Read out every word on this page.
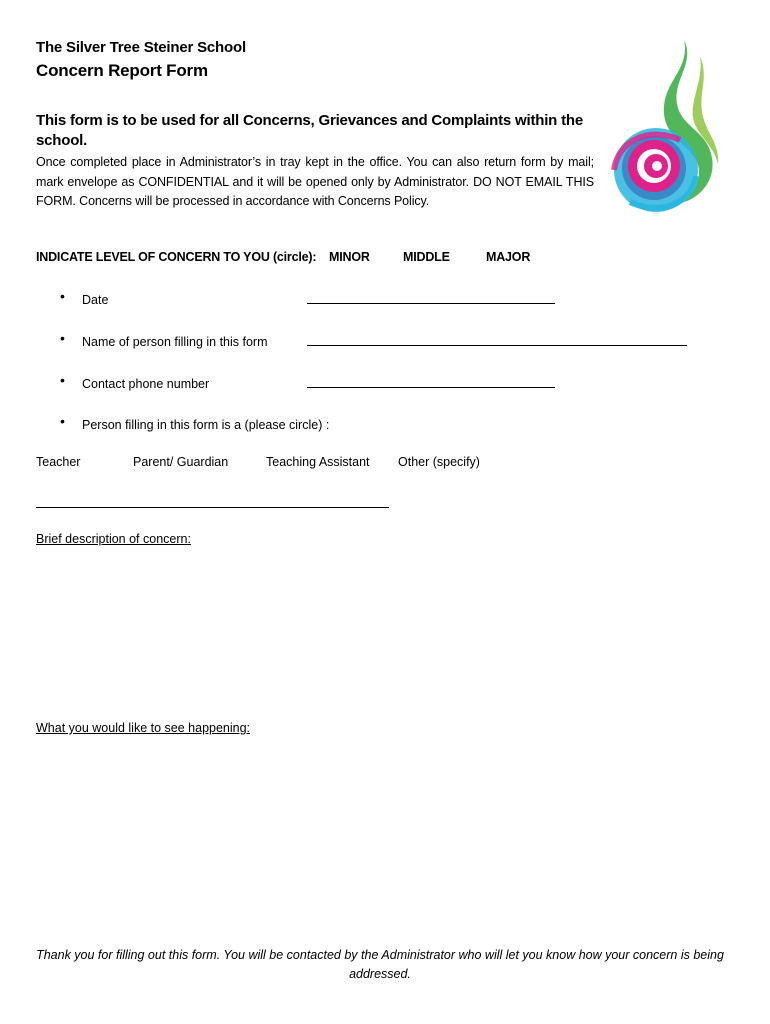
The Silver Tree Steiner School
Concern Report Form
This form is to be used for all Concerns, Grievances and Complaints within the school.
Once completed place in Administrator’s in tray kept in the office. You can also return form by mail; mark envelope as CONFIDENTIAL and it will be opened only by Administrator. DO NOT EMAIL THIS FORM. Concerns will be processed in accordance with Concerns Policy.
INDICATE LEVEL OF CONCERN TO YOU (circle): MINOR	MIDDLE	MAJOR
• Date
• Name of person filling in this form
• Contact phone number
• Person filling in this form is a (please circle) :
Teacher	Parent/ Guardian	Teaching Assistant Other (specify)
Brief description of concern:
What you would like to see happening:
Thank you for filling out this form. You will be contacted by the Administrator who will let you know how your concern is being addressed.
